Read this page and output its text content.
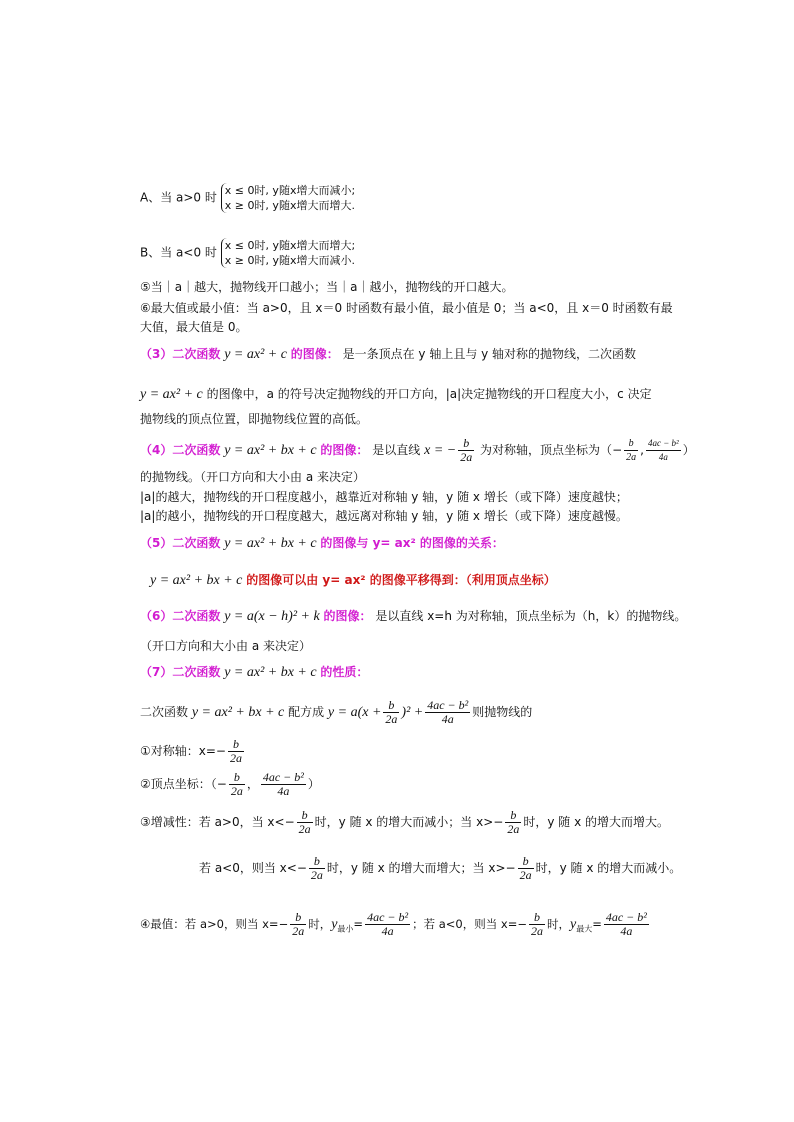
A、当 a>0 时 x ≤ 0时, y随x增大而减小;
x ≥ 0时, y随x增大而增大.
B、当 a<0 时 x ≤ 0时, y随x增大而增大;
x ≥ 0时, y随x增大而减小.
⑤当｜a｜越大，抛物线开口越小；当｜a｜越小，抛物线的开口越大。
⑥最大值或最小值：当 a>0，且 x＝0 时函数有最小值，最小值是 0；当 a<0，且 x＝0 时函数有最
大值，最大值是 0。
（3）二次函数 y = ax² + c 的图像： 是一条顶点在 y 轴上且与 y 轴对称的抛物线，二次函数
y = ax² + c 的图像中，a 的符号决定抛物线的开口方向，|a|决定抛物线的开口程度大小，c 决定
抛物线的顶点位置，即抛物线位置的高低。
（4）二次函数 y = ax² + bx + c 的图像： 是以直线 x = − $\frac{b}{2a}$ 为对称轴，顶点坐标为（− $\frac{b}{2a}$ , $\frac{\text{4ac − b²}}{4a}$ ）
的抛物线。（开口方向和大小由 a 来决定）
|a|的越大，抛物线的开口程度越小，越靠近对称轴 y 轴，y 随 x 增长（或下降）速度越快；
|a|的越小，抛物线的开口程度越大，越远离对称轴 y 轴，y 随 x 增长（或下降）速度越慢。
（5）二次函数 y = ax² + bx + c 的图像与 y= ax² 的图像的关系：
y = ax² + bx + c 的图像可以由 y= ax² 的图像平移得到：（利用顶点坐标）
（6）二次函数 y = a(x − h)² + k 的图像： 是以直线 x=h 为对称轴，顶点坐标为（h，k）的抛物线。
（开口方向和大小由 a 来决定）
（7）二次函数 y = ax² + bx + c 的性质：
二次函数 y = ax² + bx + c 配方成 $y = a(x + \frac{b}{2a} )^2 + \frac{\text{4ac − b²}}{4a}$ 则抛物线的
①对称轴：$x=- \frac{b}{2a}$
②顶点坐标：（− $\frac{b}{2a}$ ， $\frac{\text{4ac − b²}}{4a}$ ）
③增减性：若 a>0，当 $x<- \frac{b}{2a}$ 时，y 随 x 的增大而减小；当 $x>- \frac{b}{2a}$ 时，y 随 x 的增大而增大。
若 a<0，则当 $x<- \frac{b}{2a}$ 时，y 随 x 的增大而增大；当 $x>- \frac{b}{2a}$ 时，y 随 x 的增大而减小。
④最值：若 a>0，则当 $x=- \frac{b}{2a}$ 时，$y_{最小}= \frac{\text{4ac − b²}}{4a}$ ；若 a<0，则当 $x=- \frac{b}{2a}$ 时，$y_{最大}= \frac{\text{4ac − b²}}{4a}$
